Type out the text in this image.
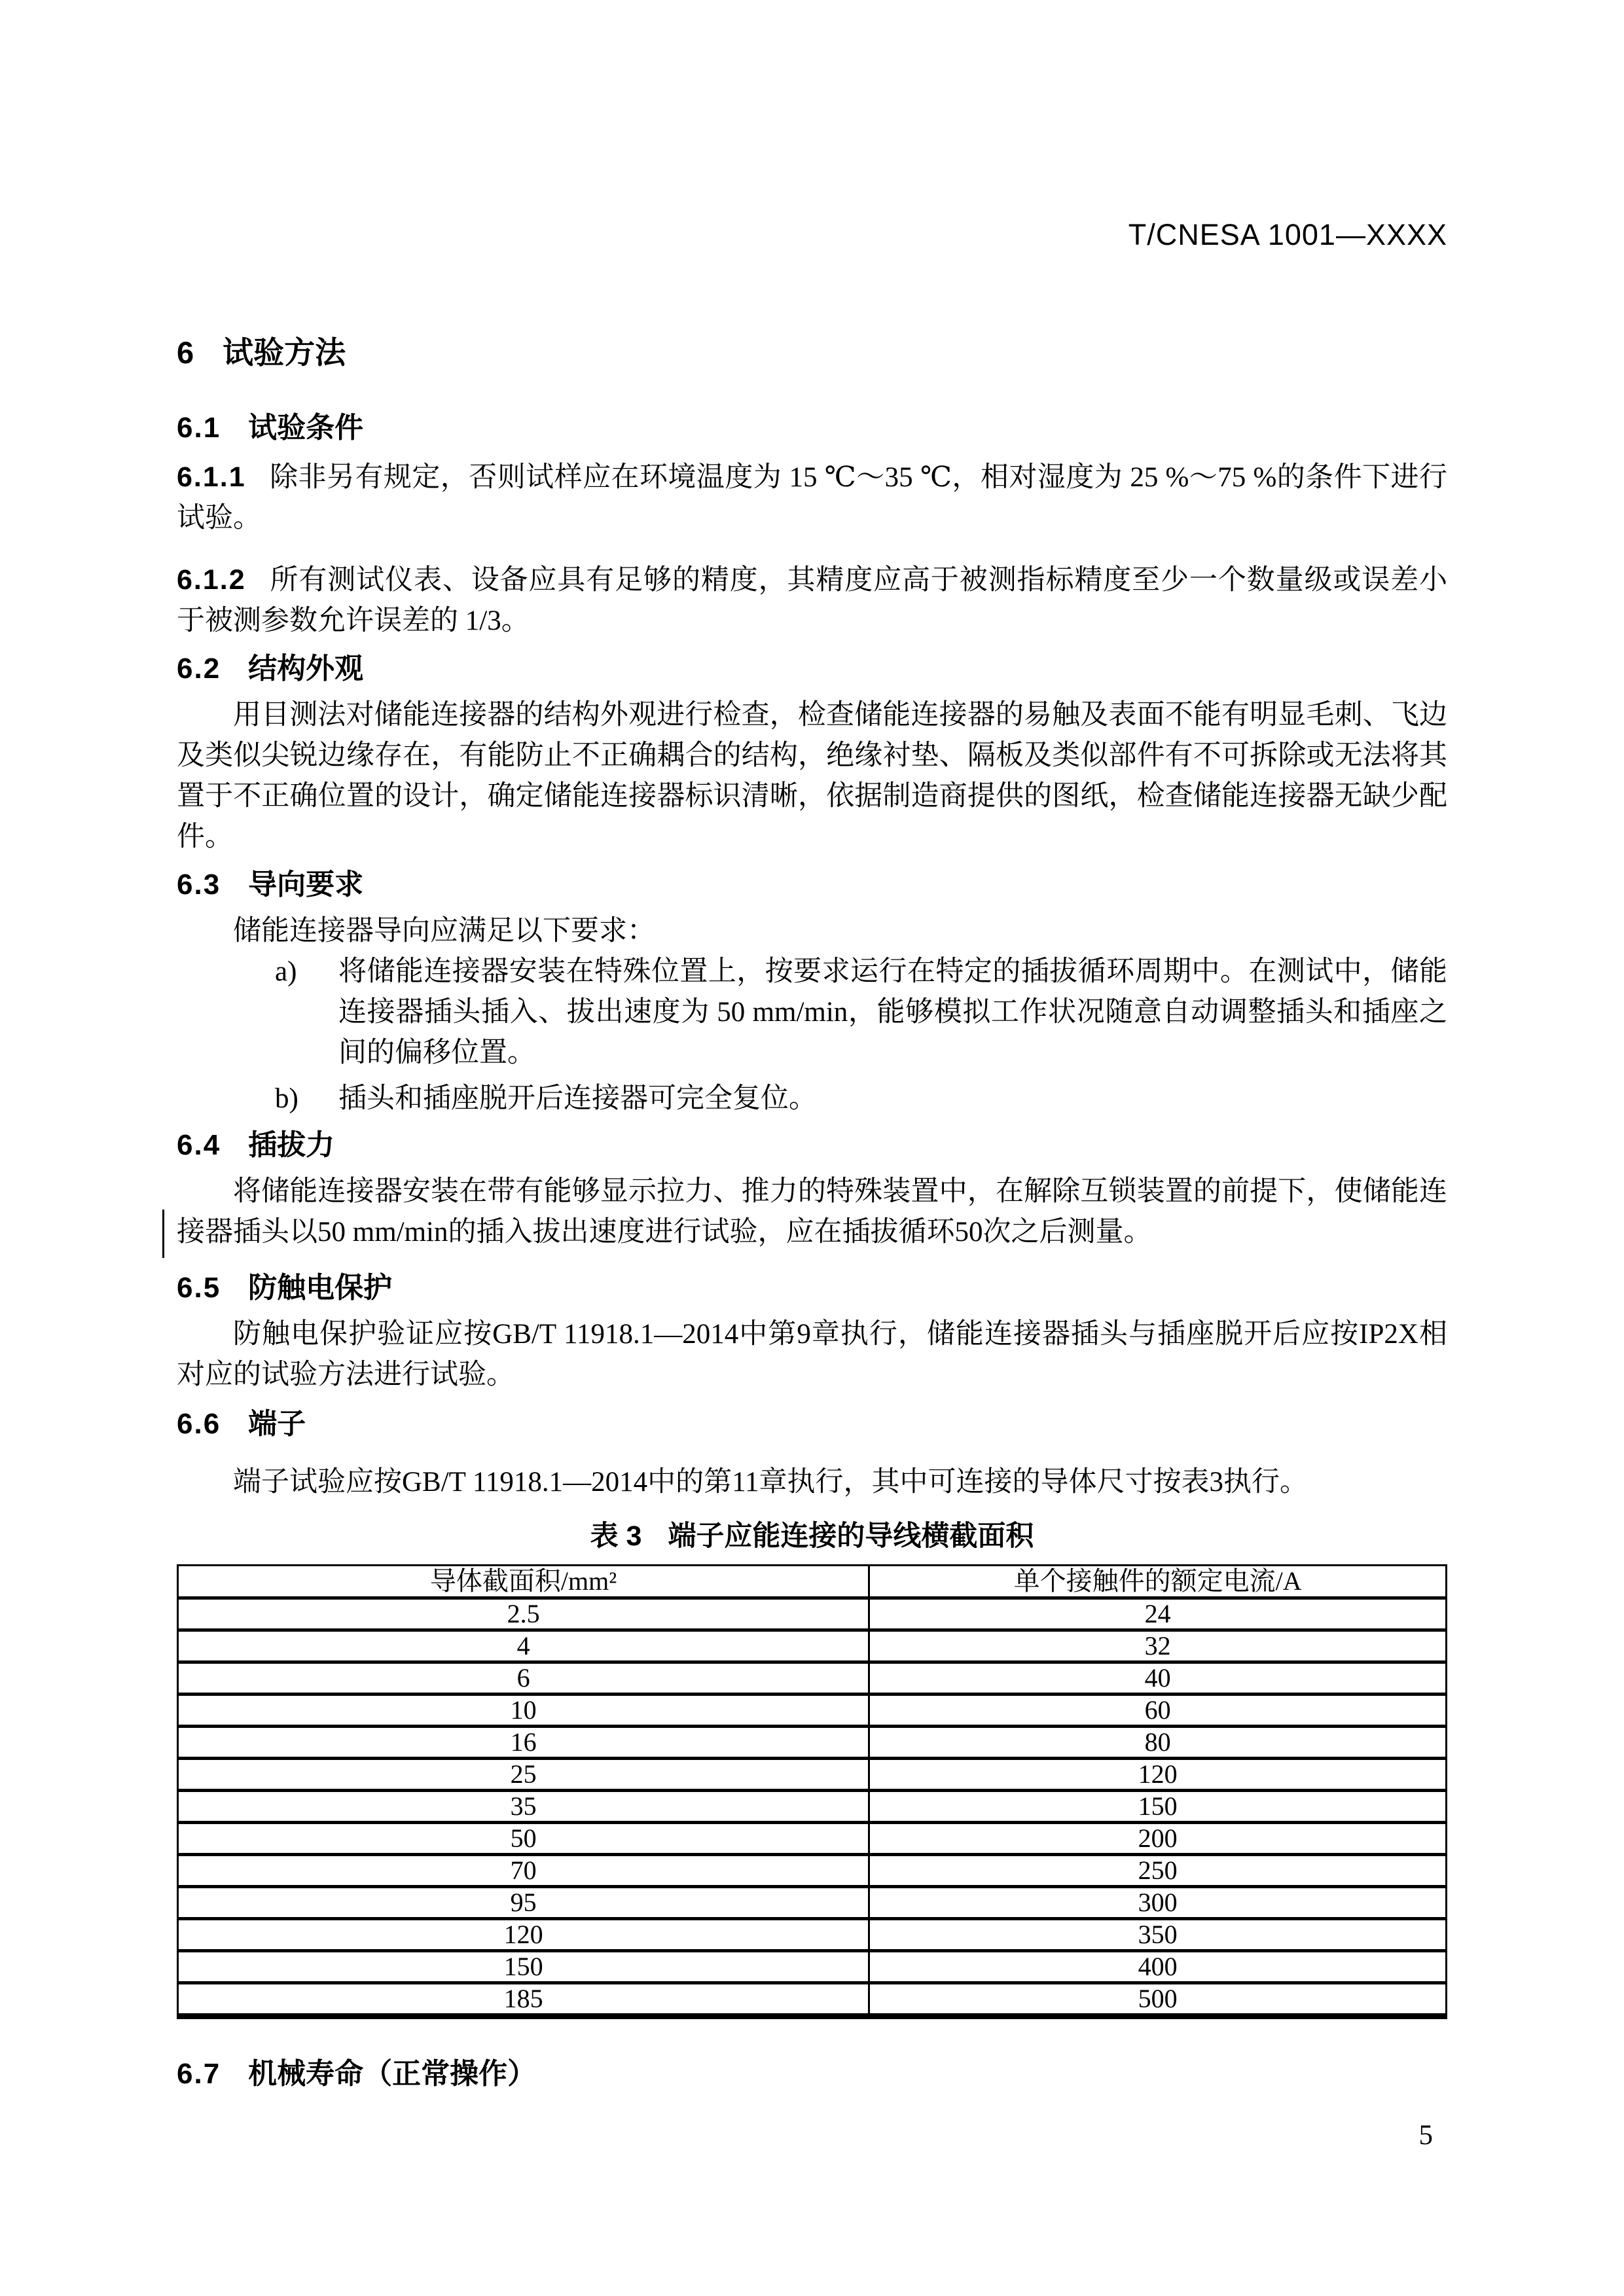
T/CNESA 1001—XXXX
6 试验方法
6.1 试验条件

6.1.1 除非另有规定，否则试样应在环境温度为 15 ℃～35 ℃，相对湿度为 25 %～75 %的条件下进行试验。

6.1.2 所有测试仪表、设备应具有足够的精度，其精度应高于被测指标精度至少一个数量级或误差小于被测参数允许误差的 1/3。

6.2 结构外观

用目测法对储能连接器的结构外观进行检查，检查储能连接器的易触及表面不能有明显毛刺、飞边及类似尖锐边缘存在，有能防止不正确耦合的结构，绝缘衬垫、隔板及类似部件有不可拆除或无法将其置于不正确位置的设计，确定储能连接器标识清晰，依据制造商提供的图纸，检查储能连接器无缺少配件。

6.3 导向要求

储能连接器导向应满足以下要求：

a) 将储能连接器安装在特殊位置上，按要求运行在特定的插拔循环周期中。在测试中，储能连接器插头插入、拔出速度为 50 mm/min，能够模拟工作状况随意自动调整插头和插座之间的偏移位置。
b) 插头和插座脱开后连接器可完全复位。
6.4 插拔力

将储能连接器安装在带有能够显示拉力、推力的特殊装置中，在解除互锁装置的前提下，使储能连接器插头以50 mm/min的插入拔出速度进行试验，应在插拔循环50次之后测量。

6.5 防触电保护

防触电保护验证应按GB/T 11918.1—2014中第9章执行，储能连接器插头与插座脱开后应按IP2X相对应的试验方法进行试验。

6.6 端子

端子试验应按GB/T 11918.1—2014中的第11章执行，其中可连接的导体尺寸按表3执行。

表 3 端子应能连接的导线横截面积
导体截面积/mm²	单个接触件的额定电流/A
2.5	24
4	32
6	40
10	60
16	80
25	120
35	150
50	200
70	250
95	300
120	350
150	400
185	500
6.7 机械寿命（正常操作）
5
